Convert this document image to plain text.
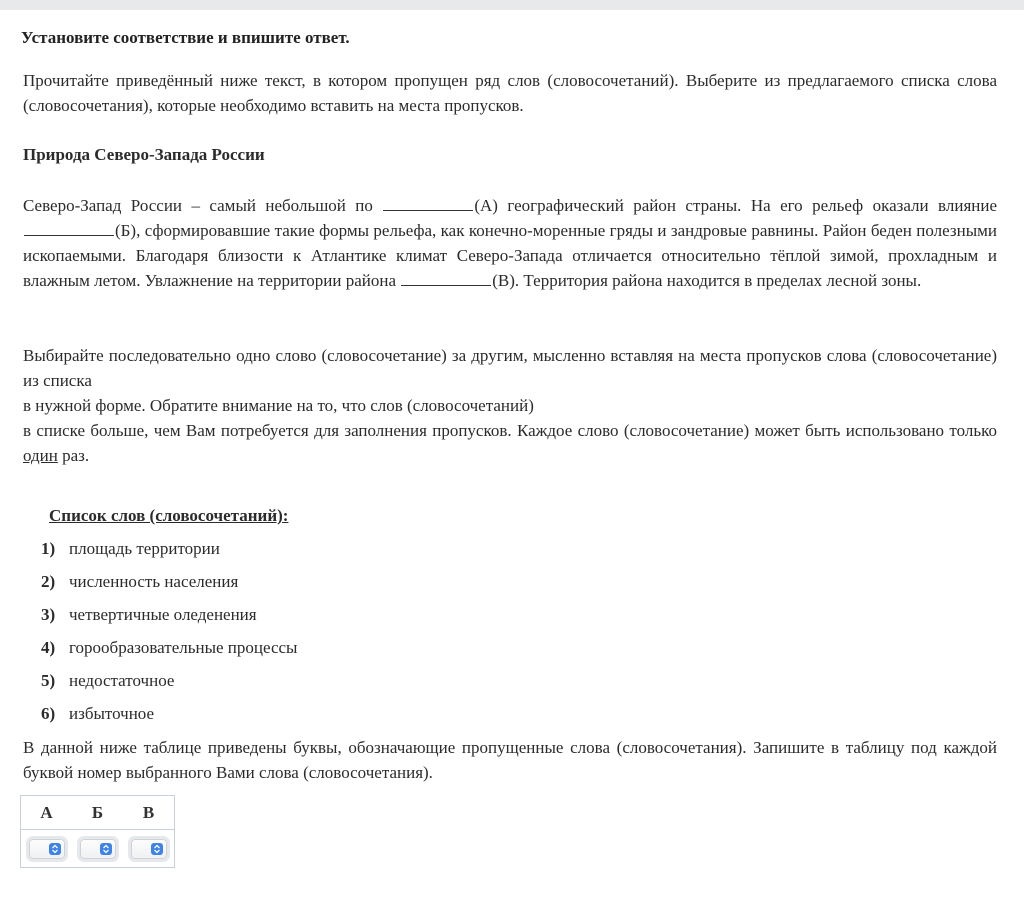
Установите соответствие и впишите ответ.

Прочитайте приведённый ниже текст, в котором пропущен ряд слов (словосочетаний). Выберите из предлагаемого списка слова (словосочетания), которые необходимо вставить на места пропусков.

Природа Северо-Запада России

Северо-Запад России – самый небольшой по	(А) географический район страны. На его рельеф оказали влияние (Б), сформировавшие такие формы рельефа, как конечно-моренные гряды и зандровые равнины. Район беден полезными ископаемыми. Благодаря близости к Атлантике климат Северо-Запада отличается относительно тёплой зимой, прохладным и влажным летом. Увлажнение на территории района	(В). Территория района находится в пределах лесной зоны.

Выбирайте последовательно одно слово (словосочетание) за другим, мысленно вставляя на места пропусков слова (словосочетание) из списка

в нужной форме. Обратите внимание на то, что слов (словосочетаний)

в списке больше, чем Вам потребуется для заполнения пропусков. Каждое слово (словосочетание) может быть использовано только один раз.

Список слов (словосочетаний):
1) площадь территории
2) численность населения
3) четвертичные оледенения
4) горообразовательные процессы
5) недостаточное
6) избыточное

В данной ниже таблице приведены буквы, обозначающие пропущенные слова (словосочетания). Запишите в таблицу под каждой буквой номер выбранного Вами слова (словосочетания).

А	Б	В
